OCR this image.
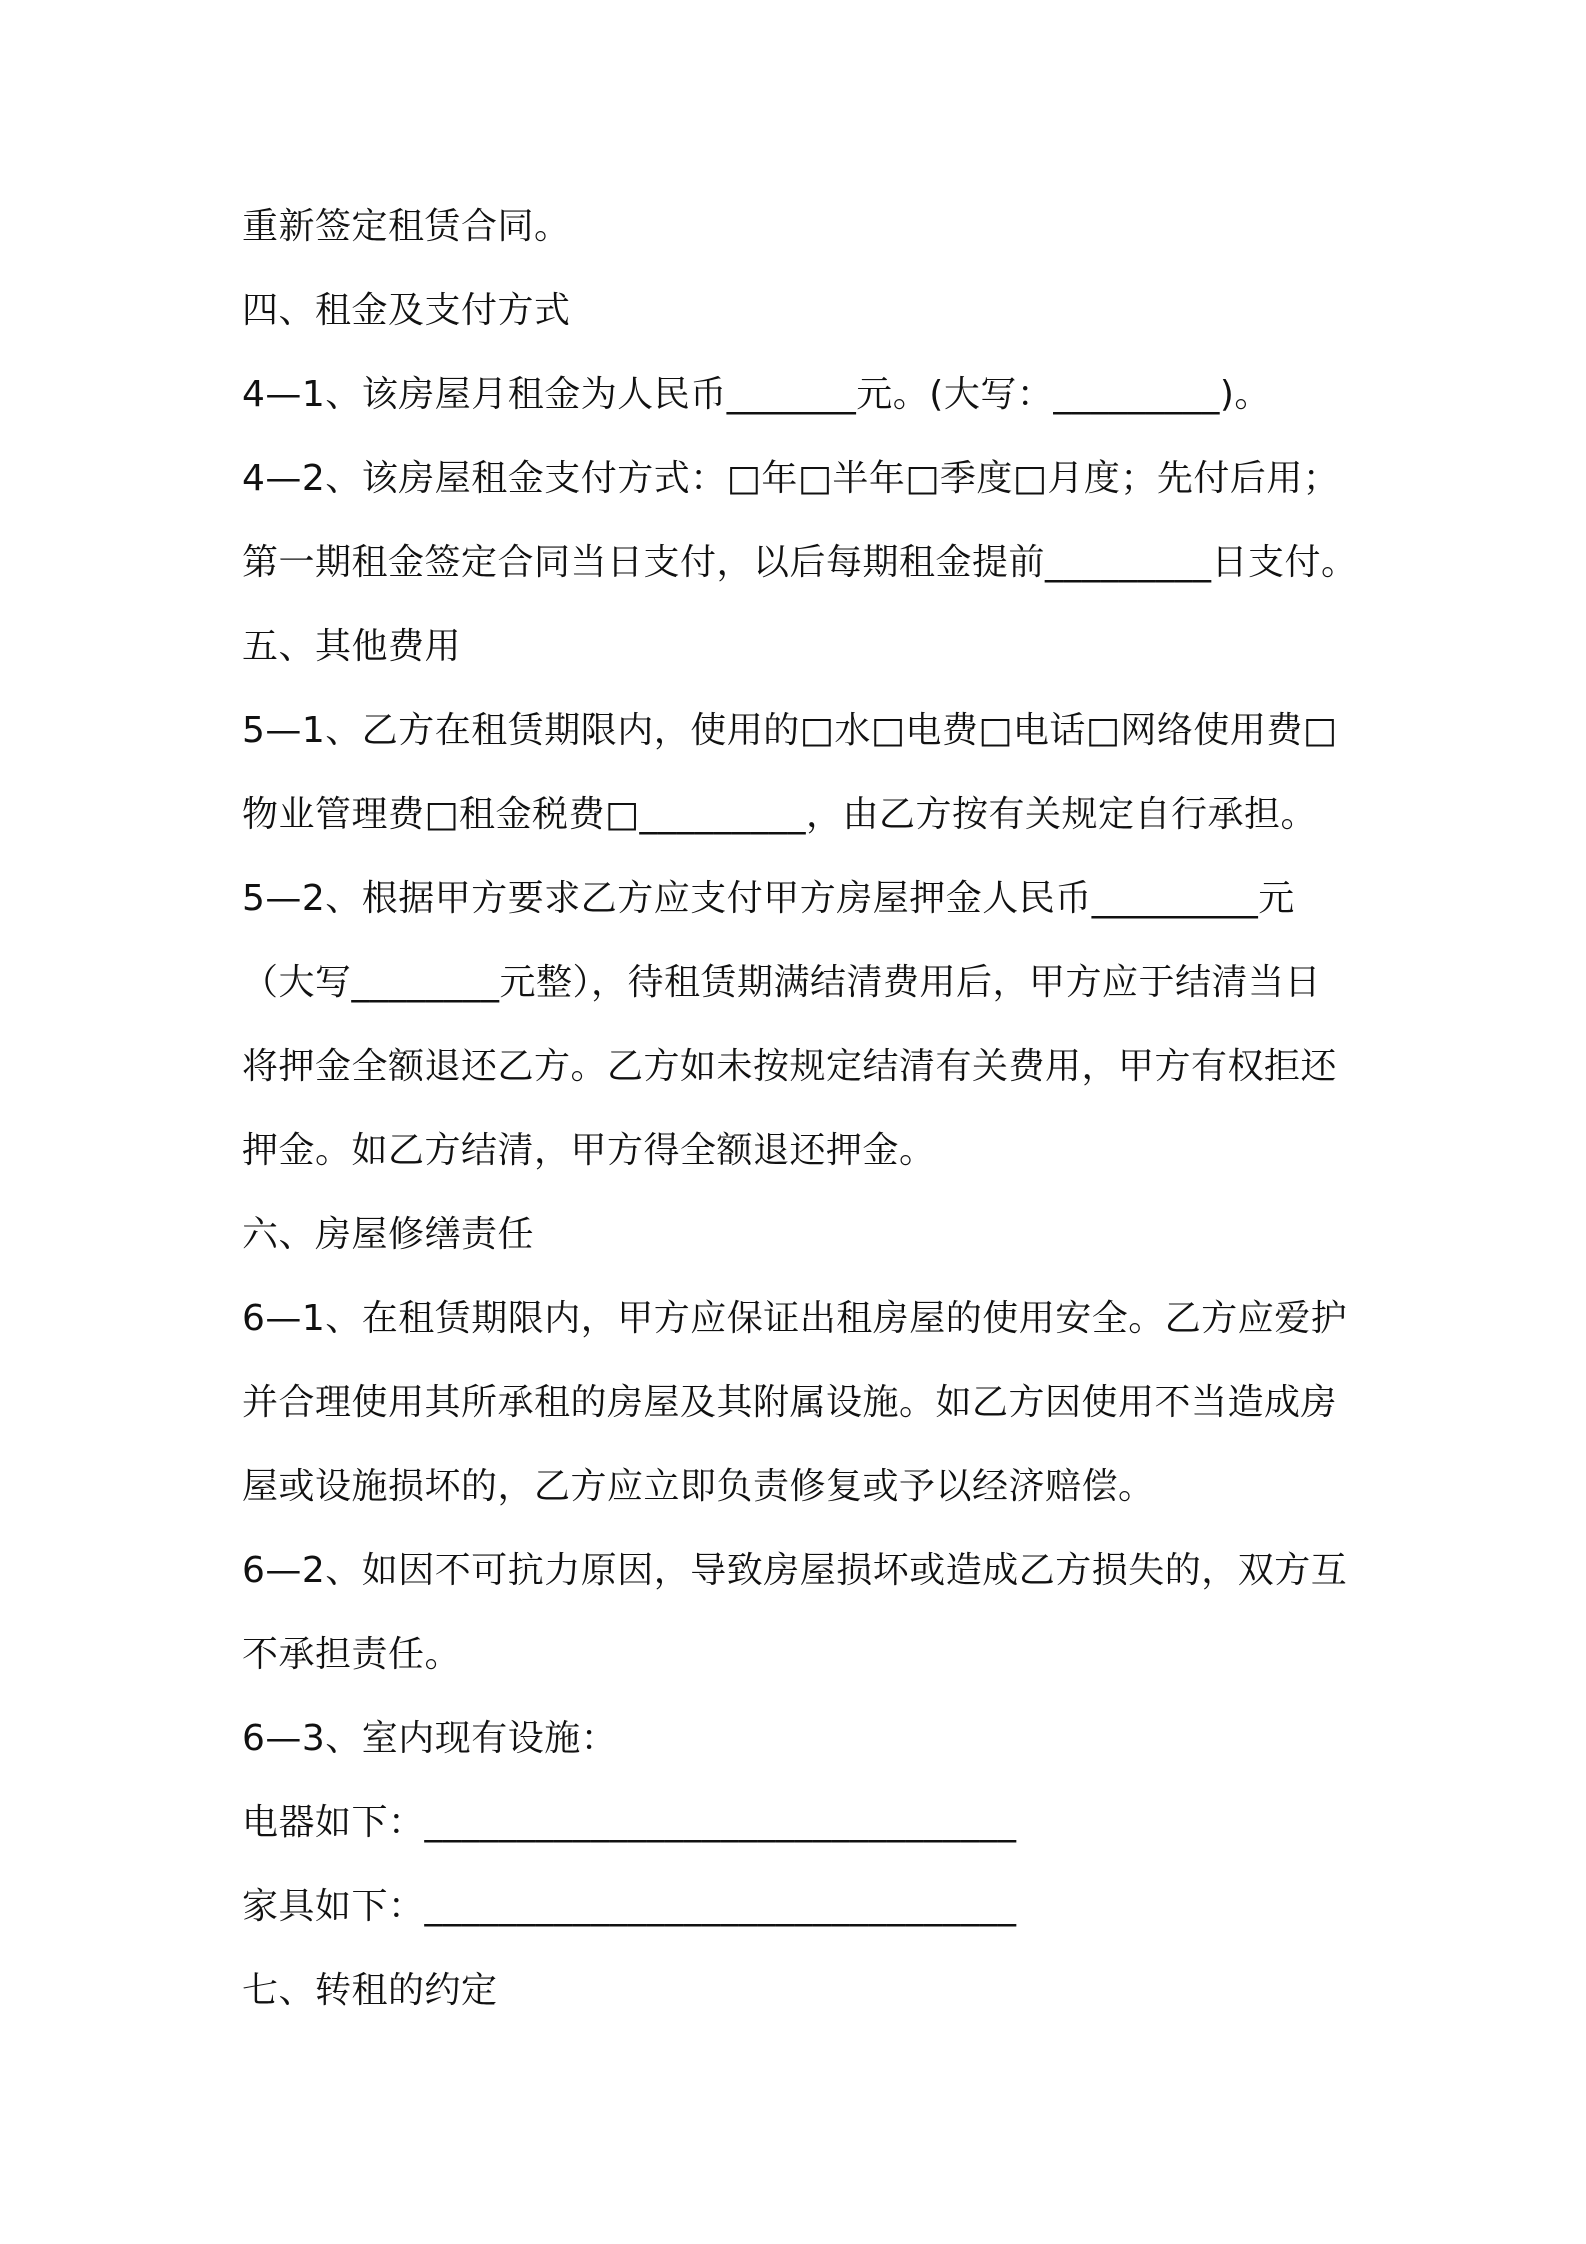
重新签定租赁合同。

四、租金及支付方式

4—1、该房屋月租金为人民币_______元。(大写：_________)。

4—2、该房屋租金支付方式：□年□半年□季度□月度；先付后用；

第一期租金签定合同当日支付，以后每期租金提前_________日支付。

五、其他费用

5—1、乙方在租赁期限内，使用的□水□电费□电话□网络使用费□

物业管理费□租金税费□_________，由乙方按有关规定自行承担。

5—2、根据甲方要求乙方应支付甲方房屋押金人民币_________元

（大写________元整），待租赁期满结清费用后，甲方应于结清当日

将押金全额退还乙方。乙方如未按规定结清有关费用，甲方有权拒还

押金。如乙方结清，甲方得全额退还押金。

六、房屋修缮责任

6—1、在租赁期限内，甲方应保证出租房屋的使用安全。乙方应爱护

并合理使用其所承租的房屋及其附属设施。如乙方因使用不当造成房

屋或设施损坏的，乙方应立即负责修复或予以经济赔偿。

6—2、如因不可抗力原因，导致房屋损坏或造成乙方损失的，双方互

不承担责任。

6—3、室内现有设施：

电器如下：________________________________

家具如下：________________________________

七、转租的约定
